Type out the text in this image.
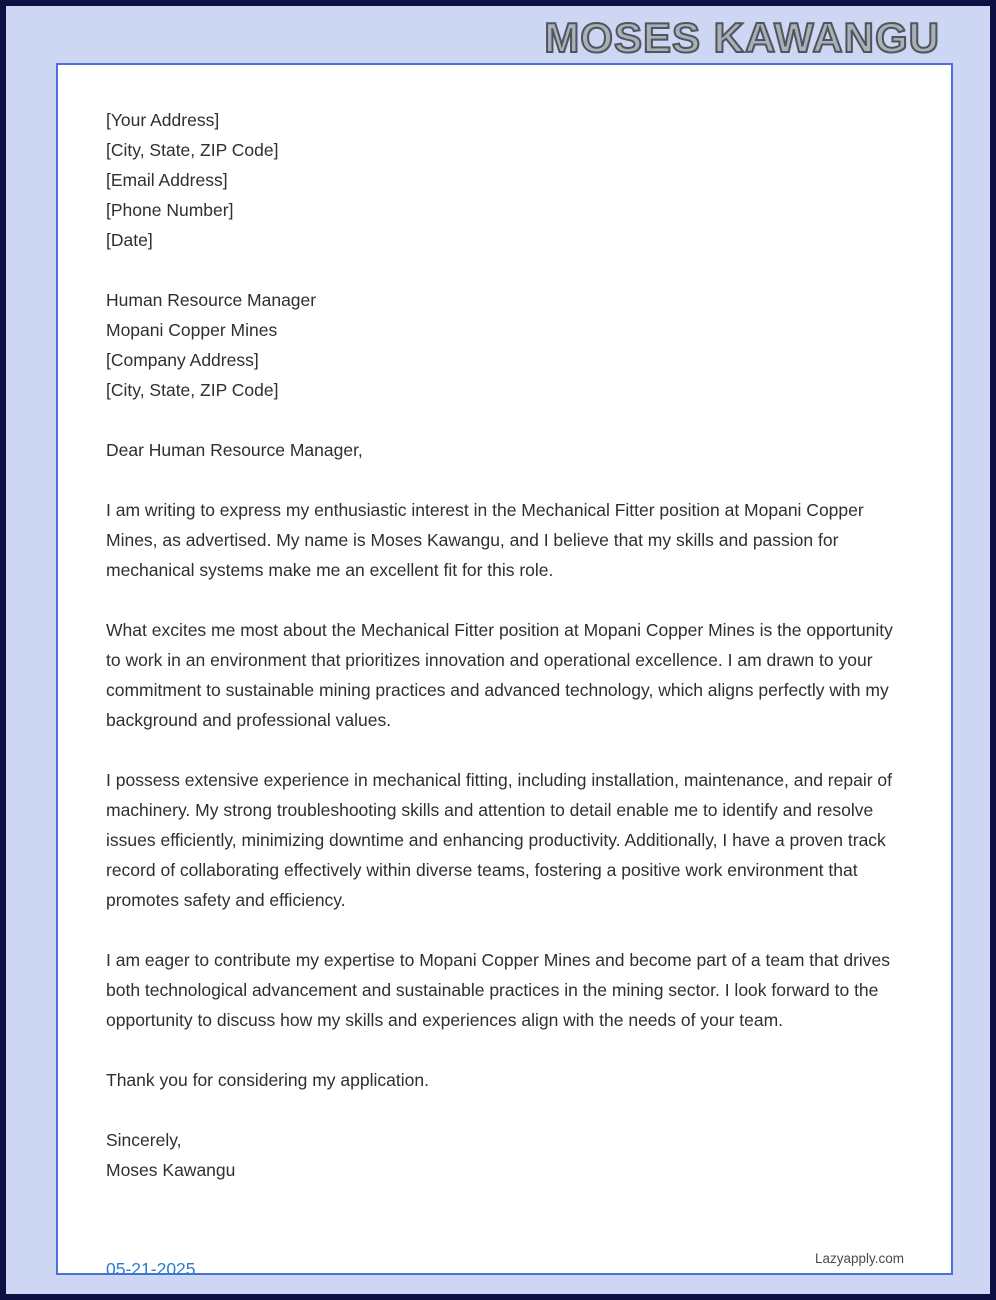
MOSES KAWANGU
[Your Address]
[City, State, ZIP Code]
[Email Address]
[Phone Number]
[Date]
Human Resource Manager
Mopani Copper Mines
[Company Address]
[City, State, ZIP Code]
Dear Human Resource Manager,

I am writing to express my enthusiastic interest in the Mechanical Fitter position at Mopani Copper Mines, as advertised. My name is Moses Kawangu, and I believe that my skills and passion for mechanical systems make me an excellent fit for this role.

What excites me most about the Mechanical Fitter position at Mopani Copper Mines is the opportunity to work in an environment that prioritizes innovation and operational excellence. I am drawn to your commitment to sustainable mining practices and advanced technology, which aligns perfectly with my background and professional values.

I possess extensive experience in mechanical fitting, including installation, maintenance, and repair of machinery. My strong troubleshooting skills and attention to detail enable me to identify and resolve issues efficiently, minimizing downtime and enhancing productivity. Additionally, I have a proven track record of collaborating effectively within diverse teams, fostering a positive work environment that promotes safety and efficiency.

I am eager to contribute my expertise to Mopani Copper Mines and become part of a team that drives both technological advancement and sustainable practices in the mining sector. I look forward to the opportunity to discuss how my skills and experiences align with the needs of your team.

Thank you for considering my application.

Sincerely,
Moses Kawangu
05-21-2025
Lazyapply.com
